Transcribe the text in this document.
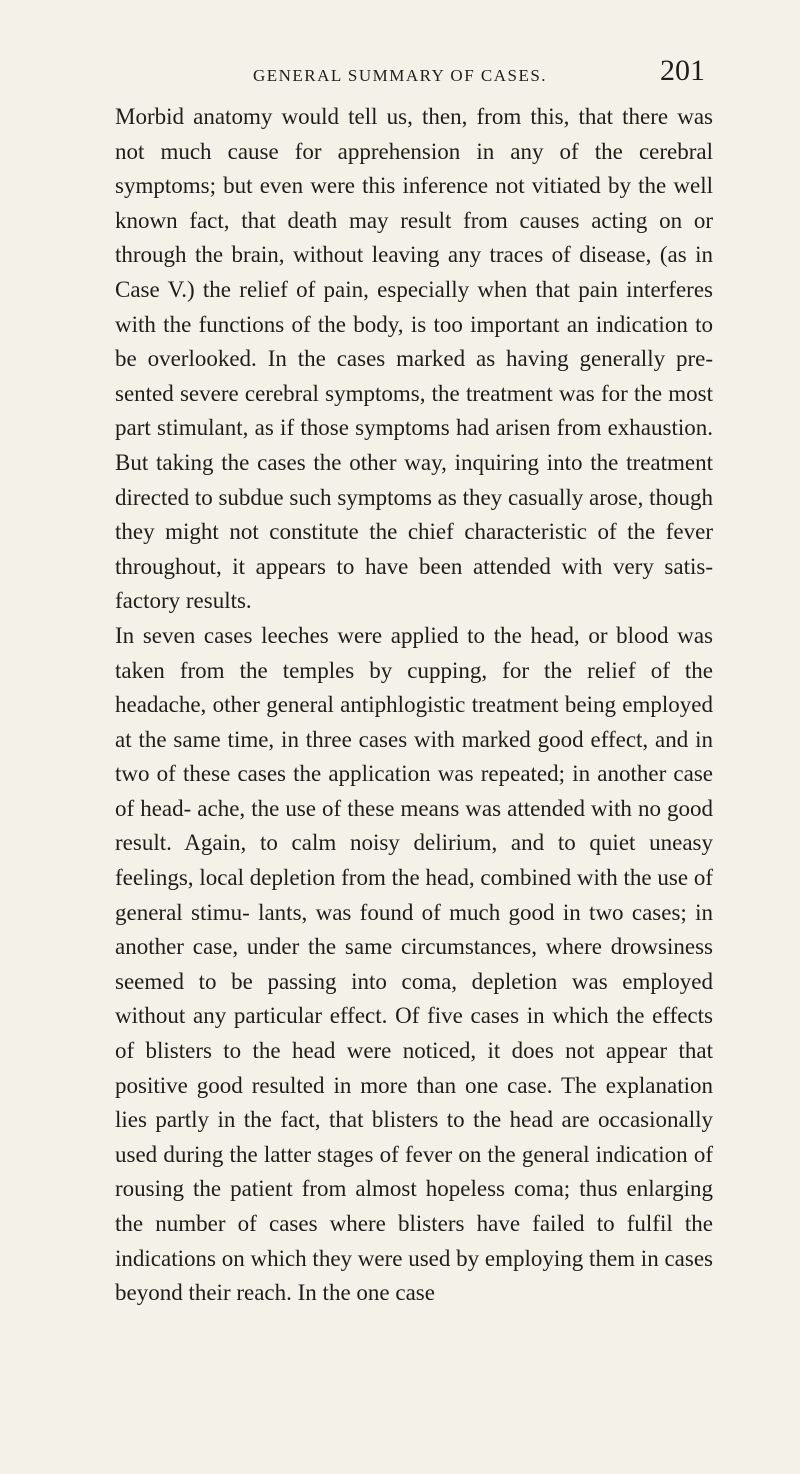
GENERAL SUMMARY OF CASES.	201

Morbid anatomy would tell us, then, from this, that there was not much cause for apprehension in any of the cerebral symptoms; but even were this inference not vitiated by the well known fact, that death may result from causes acting on or through the brain, without leaving any traces of disease, (as in Case V.) the relief of pain, especially when that pain interferes with the functions of the body, is too important an indication to be overlooked. In the cases marked as having generally pre- sented severe cerebral symptoms, the treatment was for the most part stimulant, as if those symptoms had arisen from exhaustion. But taking the cases the other way, inquiring into the treatment directed to subdue such symptoms as they casually arose, though they might not constitute the chief characteristic of the fever throughout, it appears to have been attended with very satis- factory results.

In seven cases leeches were applied to the head, or blood was taken from the temples by cupping, for the relief of the headache, other general antiphlogistic treatment being employed at the same time, in three cases with marked good effect, and in two of these cases the application was repeated; in another case of head- ache, the use of these means was attended with no good result. Again, to calm noisy delirium, and to quiet uneasy feelings, local depletion from the head, combined with the use of general stimu- lants, was found of much good in two cases; in another case, under the same circumstances, where drowsiness seemed to be passing into coma, depletion was employed without any particular effect. Of five cases in which the effects of blisters to the head were noticed, it does not appear that positive good resulted in more than one case. The explanation lies partly in the fact, that blisters to the head are occasionally used during the latter stages of fever on the general indication of rousing the patient from almost hopeless coma; thus enlarging the number of cases where blisters have failed to fulfil the indications on which they were used by employing them in cases beyond their reach. In the one case
